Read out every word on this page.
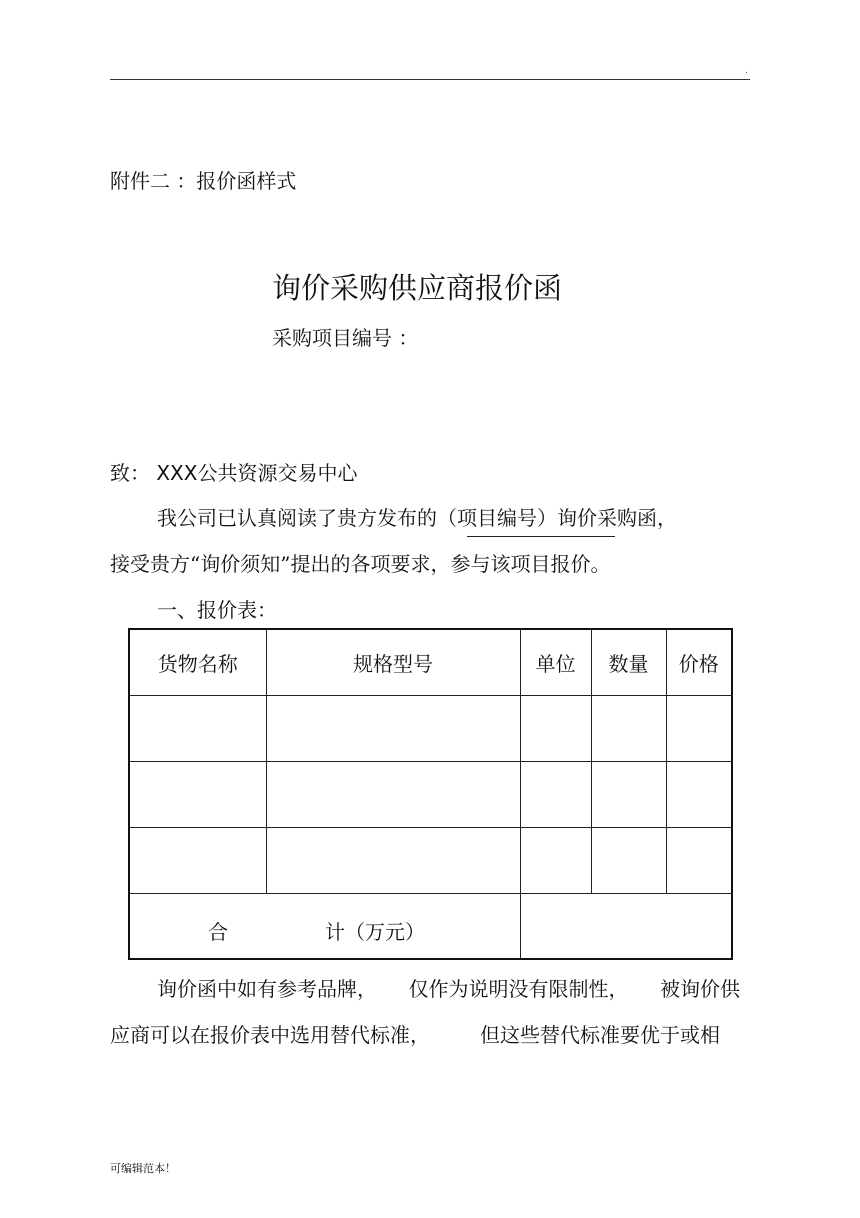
.
附件二 ：报价函样式
询价采购供应商报价函
采购项目编号 ：
致： XXX公共资源交易中心
我公司已认真阅读了贵方发布的（项目编号）询价采购函，
接受贵方“询价须知”提出的各项要求，参与该项目报价。
一、报价表：
货物名称	规格型号	单位	数量	价格

合 计（万元）				

询价函中如有参考品牌， 仅作为说明没有限制性， 被询价供
应商可以在报价表中选用替代标准，	但这些替代标准要优于或相
可编辑范本！
